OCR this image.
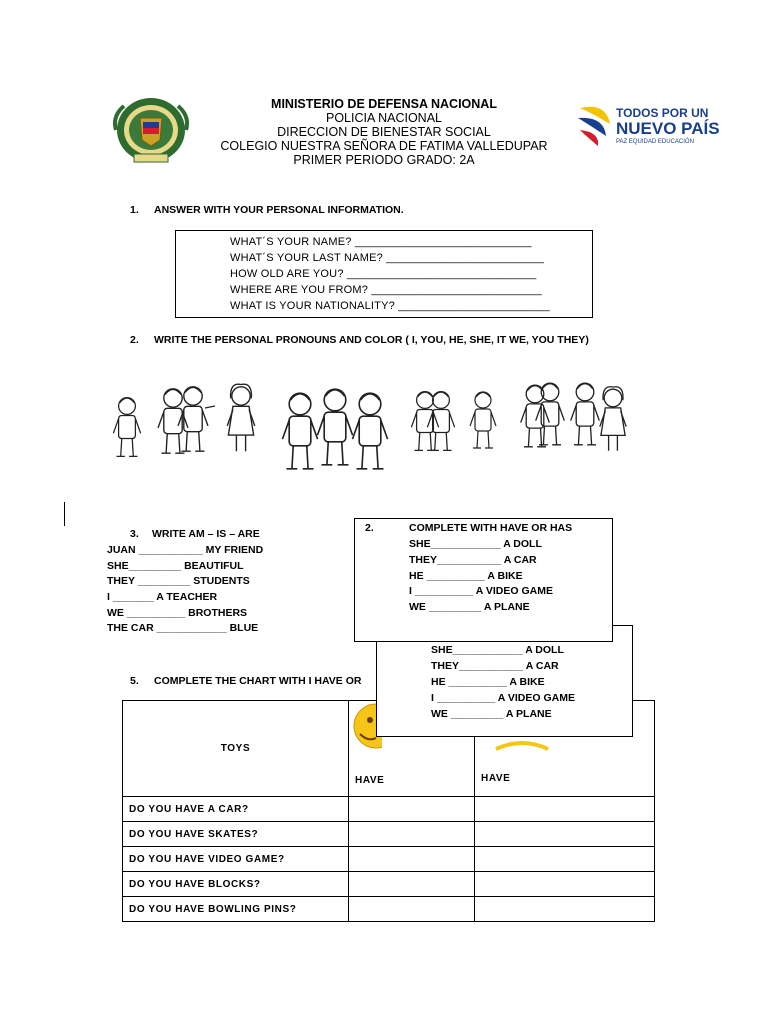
MINISTERIO DE DEFENSA NACIONAL
POLICIA NACIONAL
DIRECCION DE BIENESTAR SOCIAL
COLEGIO NUESTRA SEÑORA DE FATIMA VALLEDUPAR
PRIMER PERIODO GRADO: 2A
TODOS POR UN
NUEVO PAÍS
PAZ EQUIDAD EDUCACIÓN
1. ANSWER WITH YOUR PERSONAL INFORMATION.
WHAT´S YOUR NAME? ____________________________
WHAT´S YOUR LAST NAME? _________________________
HOW OLD ARE YOU? ______________________________
WHERE ARE YOU FROM? ___________________________
WHAT IS YOUR NATIONALITY? ________________________
2. WRITE THE PERSONAL PRONOUNS AND COLOR ( I, YOU, HE, SHE, IT WE, YOU THEY)
3. WRITE AM – IS – ARE
JUAN ___________ MY FRIEND
SHE_________ BEAUTIFUL
THEY _________ STUDENTS
I _______ A TEACHER
WE __________ BROTHERS
THE CAR ____________ BLUE
5. COMPLETE THE CHART WITH I HAVE OR
TOYS	HAVE	HAVE
DO YOU HAVE A CAR?		
DO YOU HAVE SKATES?		
DO YOU HAVE VIDEO GAME?		
DO YOU HAVE BLOCKS?		
DO YOU HAVE BOWLING PINS?		
SHE____________ A DOLL
THEY___________ A CAR
HE __________ A BIKE
I __________ A VIDEO GAME
WE _________ A PLANE
2.	COMPLETE WITH HAVE OR HAS
SHE____________ A DOLL
THEY___________ A CAR
HE __________ A BIKE
I __________ A VIDEO GAME
WE _________ A PLANE
